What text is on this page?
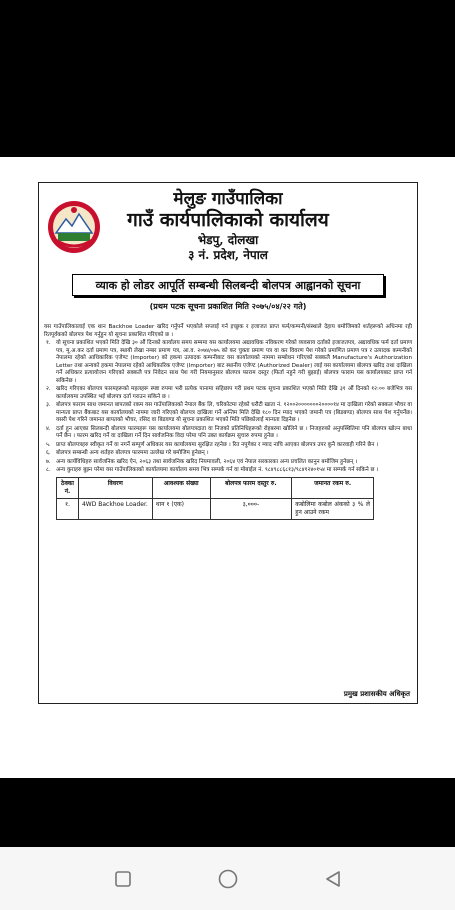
मेलुङ गाउँपालिका
गाउँ कार्यपालिकाको कार्यालय
भेडपु, दोलखा
३ नं. प्रदेश, नेपाल
व्याक हो लोडर आपूर्ति सम्बन्धी सिलबन्दी बोलपत्र आह्वानको सूचना
(प्रथम पटक सूचना प्रकाशित मिति २०७५/०४/२२ गते)

यस गाउँपालिकालाई एक थान Backhoe Loader खरिद गर्नुपर्ने भएकोले सप्लाई गर्न इच्छुक र इजाजत प्राप्त फर्म/कम्पनी/संस्थाले देहाय बमोजिमको शर्तहरूको अधिनमा रही रितपूर्वकको बोलपत्र पेश गर्नुहुन यो सूचना प्रकाशित गरिएको छ ।

१. यो सूचना प्रकाशित भएको मिति देखि ३० औं दिनको कार्यालय समय सम्ममा यस कार्यालयमा अद्यावधिक नविकरण गरेको व्यवसाय दर्ताको इजाजतपत्र, अद्यावधिक फर्म दर्ता प्रमाण पत्र, मू.अ.कर दर्ता प्रमाण पत्र, स्थायी लेखा नम्बर प्रमाण पत्र, आ.व. २०७४/०७५ को कर चुक्ता प्रमाण पत्र वा कर विवरण पेश गरेको प्रमाणित प्रमाण पत्र र उत्पादक कम्पनीको नेपालमा रहेको आधिकारिक एजेण्ट (Importer) को हकमा उत्पादक कम्पनीबाट यस कार्यालयको नाममा सम्बोधन गरिएको सक्कलै Manufacture's Authorization Letter तथा अन्यको हकमा नेपालमा रहेको आधिकारिक एजेण्ट (Importer) बाट स्थानीय एजेण्ट (Authorized Dealer) लाई यस कार्यालयमा बोलपत्र खरिद तथा दाखिला गर्ने अधिकार प्रत्यायोजन गरिएको सक्कलै पत्र निवेदन साथ पेश गरी नियमानुसार बोलपत्र फाराम दस्तुर (फिर्ता नहुने गरी बुझाई) बोलपत्र फाराम यस कार्यालयबाट प्राप्त गर्न सकिनेछ ।
२. खरिद गरिएका बोलपत्र फारमहरूको महलहरू स्पष्ट रुपमा भरी प्रत्येक पानामा सहिछाप गरी प्रथम पटक सूचना प्रकाशित भएको मिति देखि ३१ औं दिनको १२:०० बजेभित्र यस कार्यालयमा उपस्थित भई बोलपत्र दर्ता गराउन सकिने छ ।
३. बोलपत्र फाराम साथ जमानत बापतको रकम यस गाउँपालिकाको नेपाल बैंक लि, चरिकोटमा रहेको धरौटी खाता नं. १२००२०००००००२००००१४ मा दाखिला गरेको सक्कल भौचर वा मान्यता प्राप्त बैंकबाट यस कार्यालयको नाममा जारी गरिएको बोलपत्र दाखिला गर्ने अन्तिम मिति देखि १८० दिन म्याद भएको जमानी पत्र (बिडबण्ड) बोलपत्र साथ पेश गर्नुपर्नेछ। यसरी पेश गरिने जमानत बापतको भौचर, रसिद वा बिडवण्ड यो सूचना प्रकाशित भएको मिति पछिकोलाई मान्यता दिइनेछ ।
४. दर्ता हुन आएका सिलबन्दी बोलपत्र फारमहरू यस कार्यालयमा बोलपत्रदाता वा निजको प्रतिनिधिहरूको रोहबरमा खोलिने छ । निजहरुको अनुपस्थितिमा पनि बोलपत्र खोल्न बाधा पर्ने छैन । फारम खरिद गर्ने वा दाखिला गर्ने दिन सार्वजनिक विदा परेमा पनि उक्त कार्यक्रम सुचारु रुपमा हुनेछ ।
५. प्राप्त बोलपत्रहरु स्वीकृत गर्ने वा नगर्ने सम्पूर्ण अधिकार यस कार्यालयमा सुरक्षित रहनेछ । रित नपुगेका र म्याद नाघि आएका बोलपत्र उपर कुनै कारवाही गरिने छैन ।
६. बोलपत्र सम्बन्धी अन्य शर्तहरु बोलपत्र फारममा उल्लेख गरे बमोजिम हुनेछन् ।
७. अन्य कार्यविधिहरु सार्वजनिक खरिद ऐन, २०६३ तथा सार्वजनिक खरिद नियमावली, २०६४ एवं नेपाल सरकारका अन्य प्रचलित कानुन बमोजिम हुनेछन् ।
८. अन्य कुराहरु बुझ्न परेमा यस गाउँपालिकाको कार्यालयमा कार्यालय समय भित्र सम्पर्क गर्न वा मोबाईल नं. ९८४९८८६८१३/९८४१२४०१५४ मा सम्पर्क गर्न सकिने छ ।
ठेक्का नं.	विवरण	आवश्यक संख्या	बोलपत्र फारम दस्तुर रु.	जमानत रकम रु.
१.	4WD Backhoe Loader.	थान १ (एक)	३,०००-	कबोलिमा कबोल अंकको ३ % ले हुन आउने रकम
प्रमुख प्रशासकीय अधिकृत
